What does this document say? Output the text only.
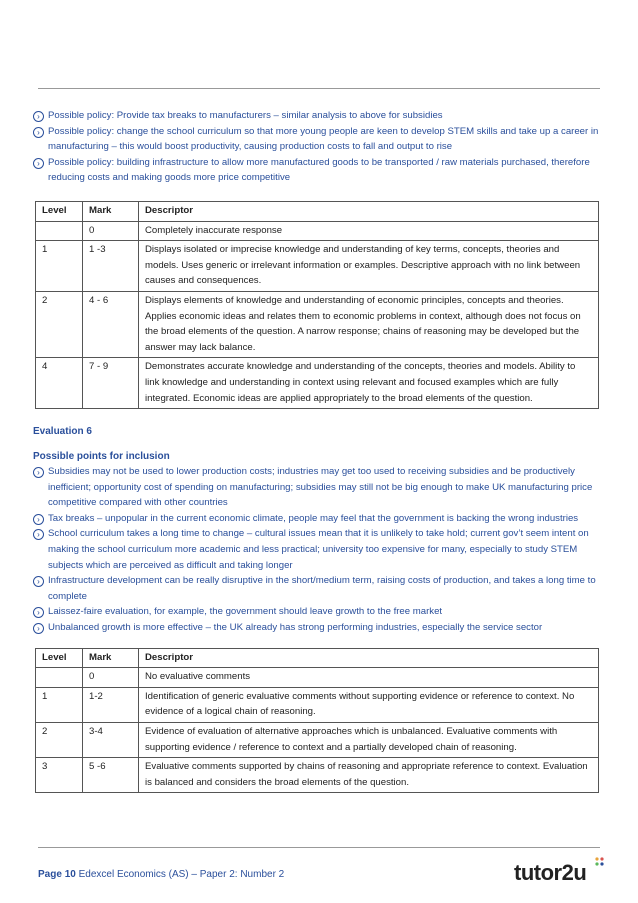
› Possible policy: Provide tax breaks to manufacturers – similar analysis to above for subsidies
› Possible policy: change the school curriculum so that more young people are keen to develop STEM skills and take up a career in manufacturing – this would boost productivity, causing production costs to fall and output to rise
› Possible policy: building infrastructure to allow more manufactured goods to be transported / raw materials purchased, therefore reducing costs and making goods more price competitive
Level	Mark	Descriptor
	0	Completely inaccurate response
1	1 -3	Displays isolated or imprecise knowledge and understanding of key terms, concepts, theories and models. Uses generic or irrelevant information or examples. Descriptive approach with no link between causes and consequences.
2	4 - 6	Displays elements of knowledge and understanding of economic principles, concepts and theories. Applies economic ideas and relates them to economic problems in context, although does not focus on the broad elements of the question. A narrow response; chains of reasoning may be developed but the answer may lack balance.
4	7 - 9	Demonstrates accurate knowledge and understanding of the concepts, theories and models. Ability to link knowledge and understanding in context using relevant and focused examples which are fully integrated. Economic ideas are applied appropriately to the broad elements of the question.
Evaluation 6
Possible points for inclusion
› Subsidies may not be used to lower production costs; industries may get too used to receiving subsidies and be productively inefficient; opportunity cost of spending on manufacturing; subsidies may still not be big enough to make UK manufacturing price competitive compared with other countries
› Tax breaks – unpopular in the current economic climate, people may feel that the government is backing the wrong industries
› School curriculum takes a long time to change – cultural issues mean that it is unlikely to take hold; current gov’t seem intent on making the school curriculum more academic and less practical; university too expensive for many, especially to study STEM subjects which are perceived as difficult and taking longer
› Infrastructure development can be really disruptive in the short/medium term, raising costs of production, and takes a long time to complete
› Laissez-faire evaluation, for example, the government should leave growth to the free market
› Unbalanced growth is more effective – the UK already has strong performing industries, especially the service sector
Level	Mark	Descriptor
	0	No evaluative comments
1	1-2	Identification of generic evaluative comments without supporting evidence or reference to context. No evidence of a logical chain of reasoning.
2	3-4	Evidence of evaluation of alternative approaches which is unbalanced. Evaluative comments with supporting evidence / reference to context and a partially developed chain of reasoning.
3	5 -6	Evaluative comments supported by chains of reasoning and appropriate reference to context. Evaluation is balanced and considers the broad elements of the question.
Page 10 Edexcel Economics (AS) – Paper 2: Number 2	tutor2u
